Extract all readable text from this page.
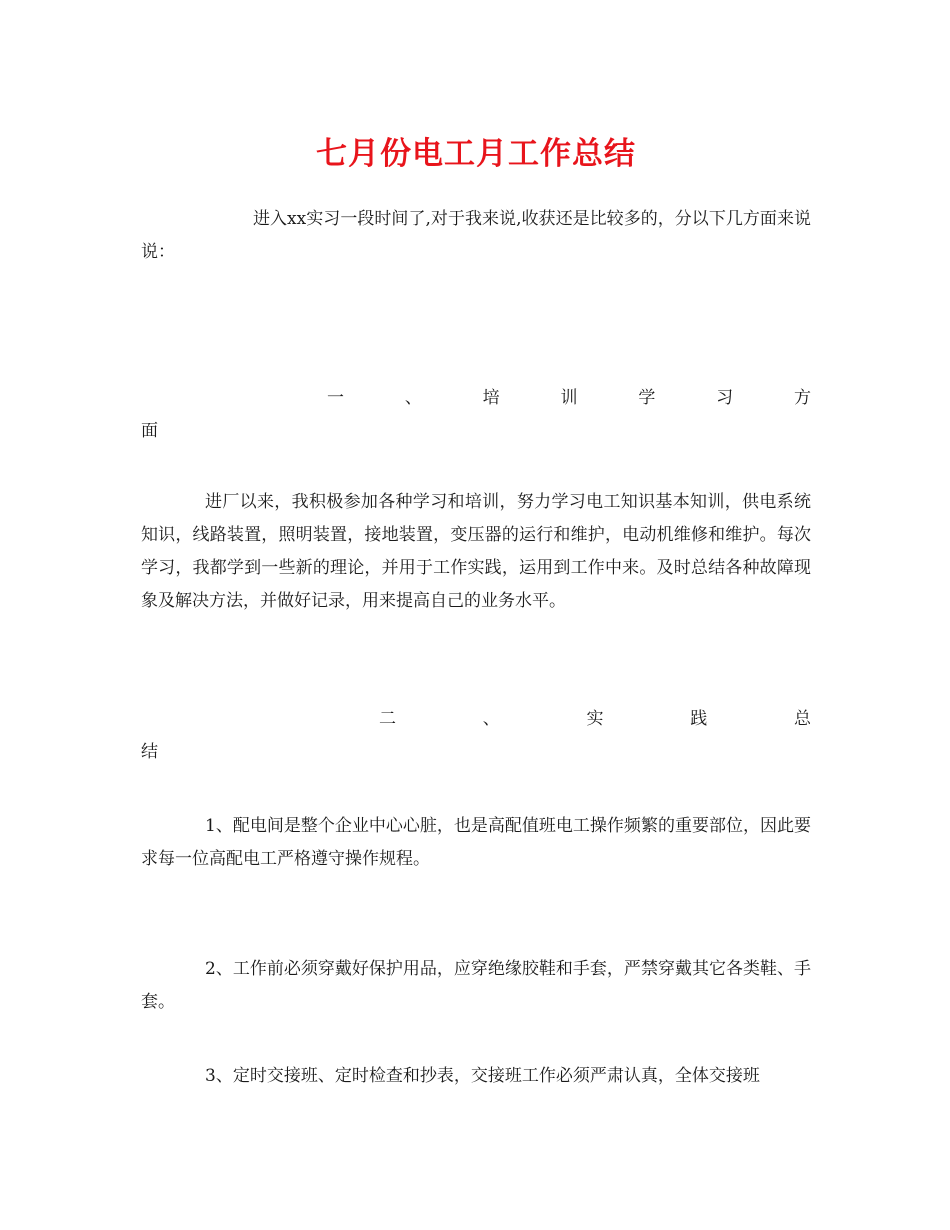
七月份电工月工作总结

进入xx实习一段时间了,对于我来说,收获还是比较多的，分以下几方面来说说：

一	、	培	训	学	习	方
面

进厂以来，我积极参加各种学习和培训，努力学习电工知识基本知训，供电系统知识，线路装置，照明装置，接地装置，变压器的运行和维护，电动机维修和维护。每次学习，我都学到一些新的理论，并用于工作实践，运用到工作中来。及时总结各种故障现象及解决方法，并做好记录，用来提高自己的业务水平。

二	、	实	践	总
结

1、配电间是整个企业中心心脏，也是高配值班电工操作频繁的重要部位，因此要求每一位高配电工严格遵守操作规程。

2、工作前必须穿戴好保护用品，应穿绝缘胶鞋和手套，严禁穿戴其它各类鞋、手套。

3、定时交接班、定时检查和抄表，交接班工作必须严肃认真，全体交接班
